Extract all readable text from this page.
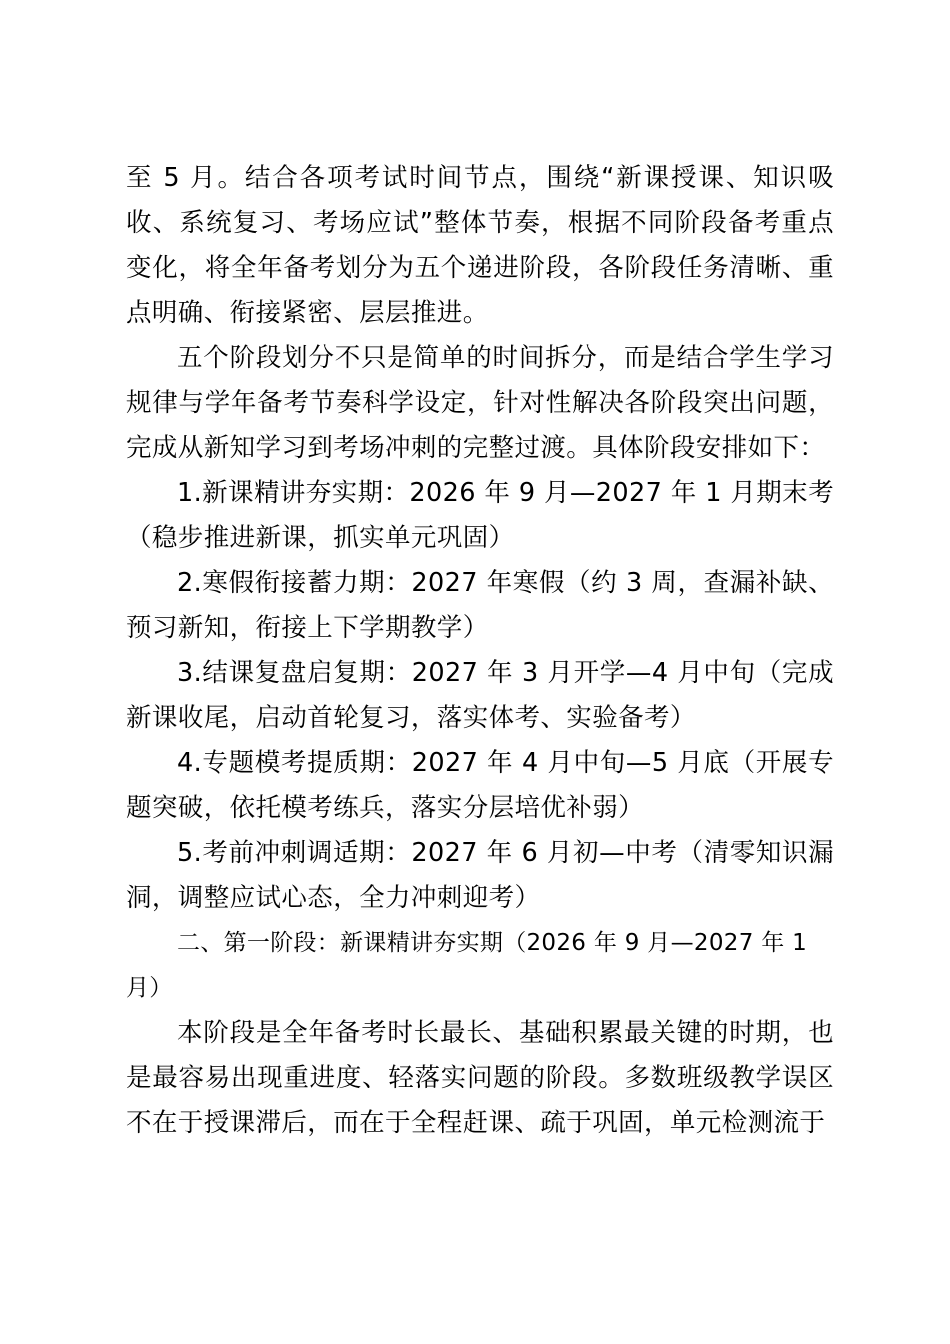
至 5 月。结合各项考试时间节点，围绕“新课授课、知识吸收、系统复习、考场应试”整体节奏，根据不同阶段备考重点变化，将全年备考划分为五个递进阶段，各阶段任务清晰、重点明确、衔接紧密、层层推进。

五个阶段划分不只是简单的时间拆分，而是结合学生学习规律与学年备考节奏科学设定，针对性解决各阶段突出问题，完成从新知学习到考场冲刺的完整过渡。具体阶段安排如下：

1.新课精讲夯实期：2026 年 9 月—2027 年 1 月期末考（稳步推进新课，抓实单元巩固）

2.寒假衔接蓄力期：2027 年寒假（约 3 周，查漏补缺、预习新知，衔接上下学期教学）

3.结课复盘启复期：2027 年 3 月开学—4 月中旬（完成新课收尾，启动首轮复习，落实体考、实验备考）

4.专题模考提质期：2027 年 4 月中旬—5 月底（开展专题突破，依托模考练兵，落实分层培优补弱）

5.考前冲刺调适期：2027 年 6 月初—中考（清零知识漏洞，调整应试心态，全力冲刺迎考）

二、第一阶段：新课精讲夯实期（2026 年 9 月—2027 年 1 月）

本阶段是全年备考时长最长、基础积累最关键的时期，也是最容易出现重进度、轻落实问题的阶段。多数班级教学误区不在于授课滞后，而在于全程赶课、疏于巩固，单元检测流于
